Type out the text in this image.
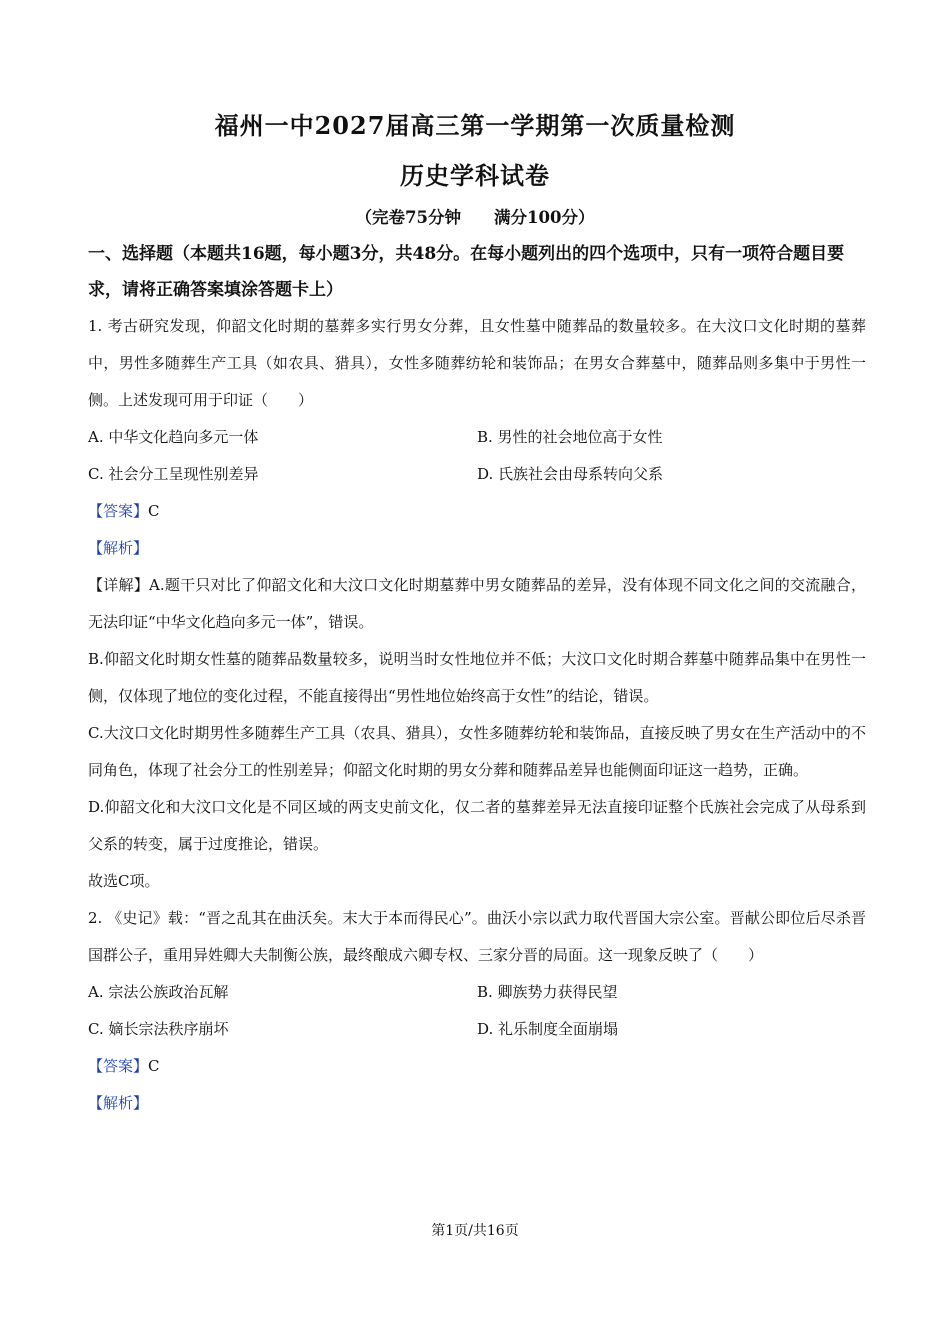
福州一中2027届高三第一学期第一次质量检测
历史学科试卷
（完卷75分钟　　满分100分）

一、选择题（本题共16题，每小题3分，共48分。在每小题列出的四个选项中，只有一项符合题目要求，请将正确答案填涂答题卡上）

1. 考古研究发现，仰韶文化时期的墓葬多实行男女分葬，且女性墓中随葬品的数量较多。在大汶口文化时期的墓葬中，男性多随葬生产工具（如农具、猎具），女性多随葬纺轮和装饰品；在男女合葬墓中，随葬品则多集中于男性一侧。上述发现可用于印证（　　）

A. 中华文化趋向多元一体	B. 男性的社会地位高于女性
C. 社会分工呈现性别差异	D. 氏族社会由母系转向父系

【答案】C

【解析】

【详解】A.题干只对比了仰韶文化和大汶口文化时期墓葬中男女随葬品的差异，没有体现不同文化之间的交流融合，无法印证“中华文化趋向多元一体”，错误。

B.仰韶文化时期女性墓的随葬品数量较多，说明当时女性地位并不低；大汶口文化时期合葬墓中随葬品集中在男性一侧，仅体现了地位的变化过程，不能直接得出“男性地位始终高于女性”的结论，错误。

C.大汶口文化时期男性多随葬生产工具（农具、猎具），女性多随葬纺轮和装饰品，直接反映了男女在生产活动中的不同角色，体现了社会分工的性别差异；仰韶文化时期的男女分葬和随葬品差异也能侧面印证这一趋势，正确。

D.仰韶文化和大汶口文化是不同区域的两支史前文化，仅二者的墓葬差异无法直接印证整个氏族社会完成了从母系到父系的转变，属于过度推论，错误。

故选C项。

2. 《史记》载：“晋之乱其在曲沃矣。末大于本而得民心”。曲沃小宗以武力取代晋国大宗公室。晋献公即位后尽杀晋国群公子，重用异姓卿大夫制衡公族，最终酿成六卿专权、三家分晋的局面。这一现象反映了（　　）

A. 宗法公族政治瓦解	B. 卿族势力获得民望
C. 嫡长宗法秩序崩坏	D. 礼乐制度全面崩塌

【答案】C

【解析】

第1页/共16页
